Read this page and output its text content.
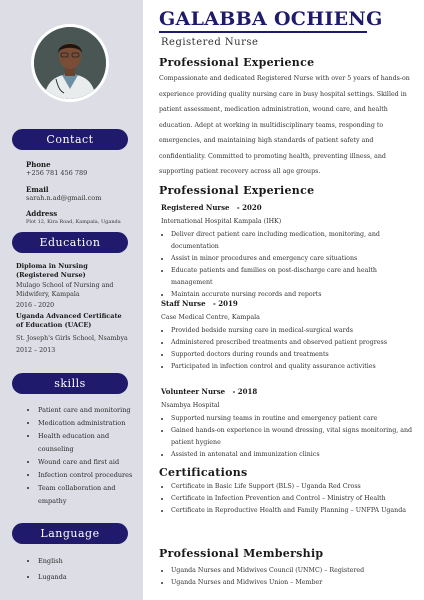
Contact
Phone
+256 781 456 789
Email
sarah.n.ad@gmail.com
Address
Plot 12, Kira Road, Kampala, Uganda
Education
Diploma in Nursing (Registered Nurse)
Mulago School of Nursing and Midwifery, Kampala
2016 - 2020
Uganda Advanced Certificate of Education (UACE)
St. Joseph's Girls School, Nsambya
2012 – 2013
skills
• Patient care and monitoring
• Medication administration
• Health education and counseling
• Wound care and first aid
• Infection control procedures
• Team collaboration and empathy
Language
• English
• Luganda
GALABBA OCHIENG
Registered Nurse
Professional Experience
Compassionate and dedicated Registered Nurse with over 5 years of hands-on experience providing quality nursing care in busy hospital settings. Skilled in patient assessment, medication administration, wound care, and health education. Adept at working in multidisciplinary teams, responding to emergencies, and maintaining high standards of patient safety and confidentiality. Committed to promoting health, preventing illness, and supporting patient recovery across all age groups.
Professional Experience
Registered Nurse   - 2020
International Hospital Kampala (IHK)
• Deliver direct patient care including medication, monitoring, and documentation
• Assist in minor procedures and emergency care situations
• Educate patients and families on post-discharge care and health management
• Maintain accurate nursing records and reports
Staff Nurse   - 2019
Case Medical Centre, Kampala
• Provided bedside nursing care in medical-surgical wards
• Administered prescribed treatments and observed patient progress
• Supported doctors during rounds and treatments
• Participated in infection control and quality assurance activities
Volunteer Nurse   - 2018
Nsambya Hospital
• Supported nursing teams in routine and emergency patient care
• Gained hands-on experience in wound dressing, vital signs monitoring, and patient hygiene
• Assisted in antenatal and immunization clinics
Certifications
• Certificate in Basic Life Support (BLS) – Uganda Red Cross
• Certificate in Infection Prevention and Control – Ministry of Health
• Certificate in Reproductive Health and Family Planning – UNFPA Uganda
Professional Membership
• Uganda Nurses and Midwives Council (UNMC) – Registered
• Uganda Nurses and Midwives Union – Member
